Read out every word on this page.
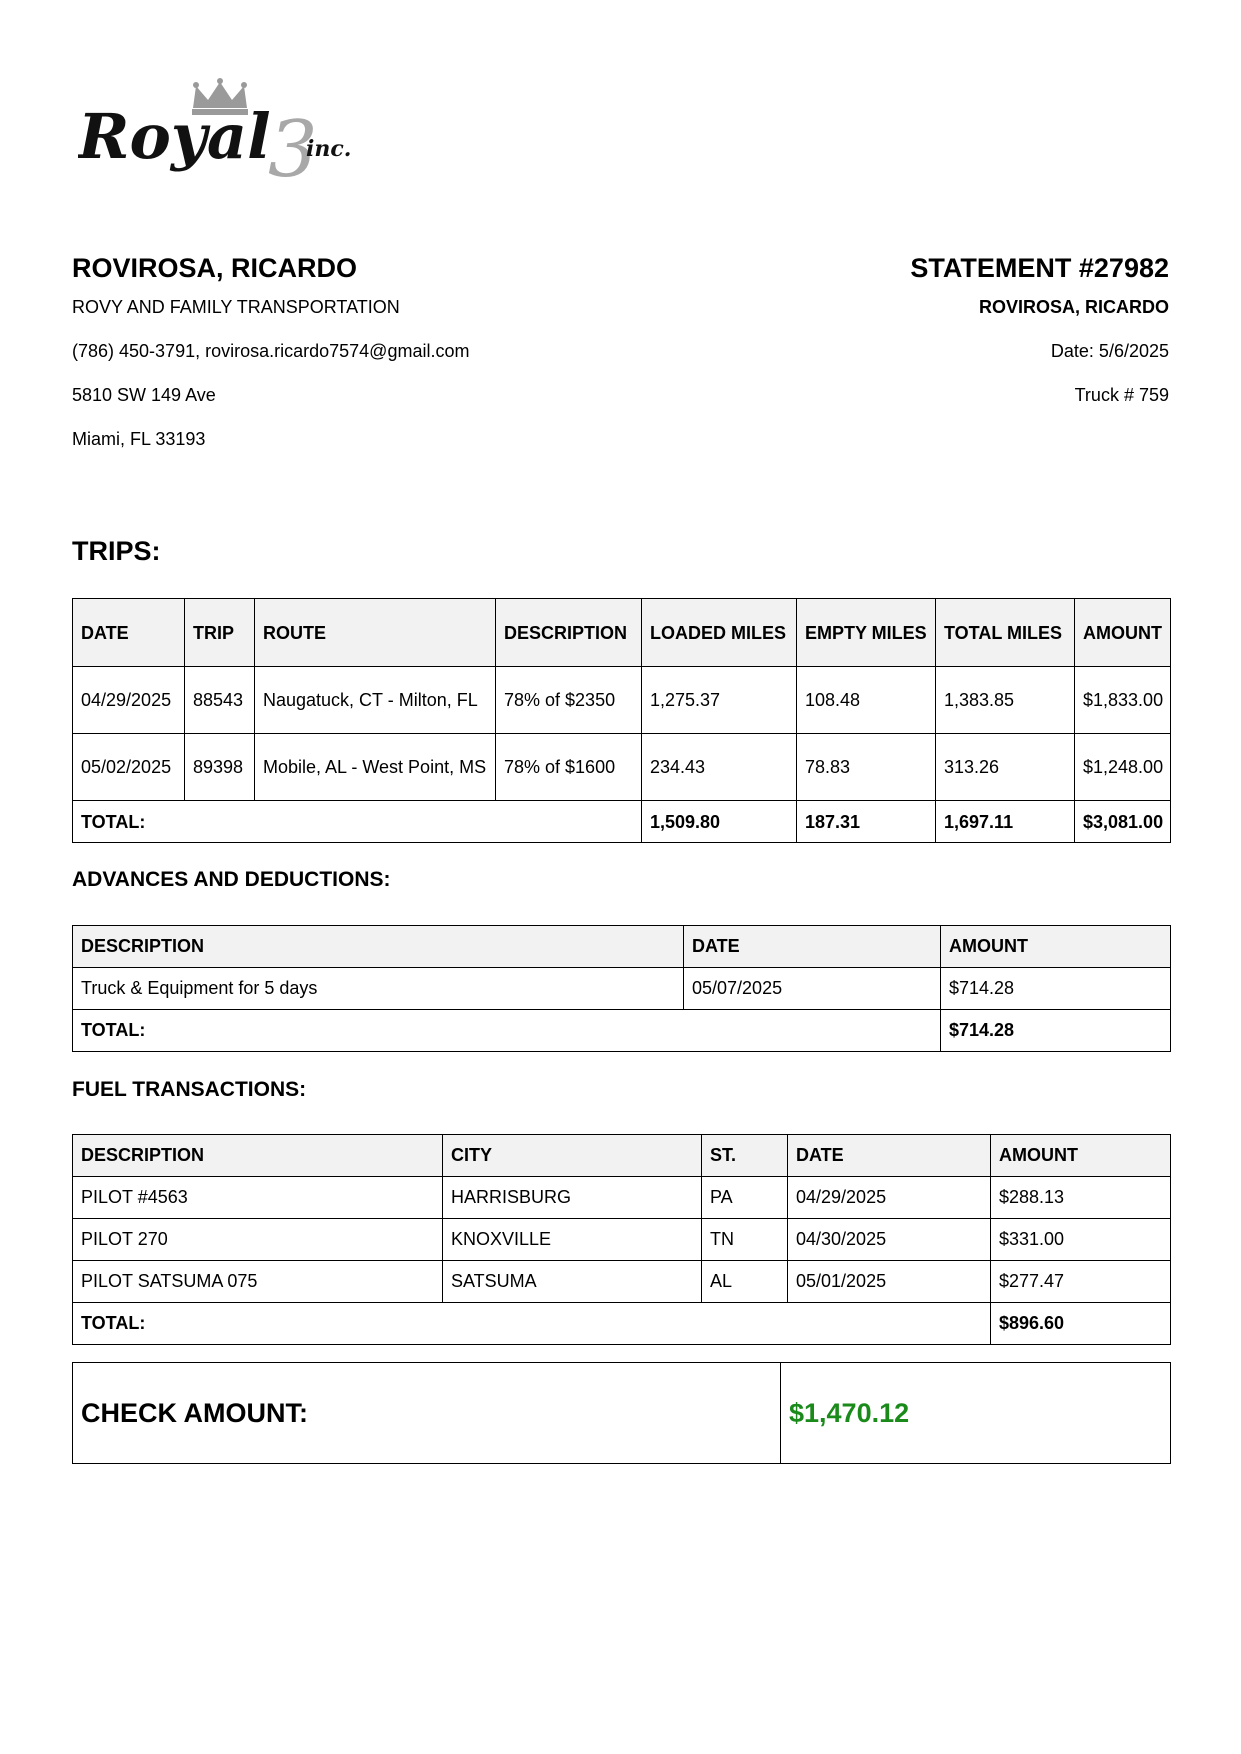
3
Royal inc.
ROVIROSA, RICARDO
ROVY AND FAMILY TRANSPORTATION
(786) 450-3791, rovirosa.ricardo7574@gmail.com
5810 SW 149 Ave
Miami, FL 33193
STATEMENT #27982
ROVIROSA, RICARDO
Date: 5/6/2025
Truck # 759
TRIPS:
DATE	TRIP	ROUTE	DESCRIPTION	LOADED MILES	EMPTY MILES	TOTAL MILES	AMOUNT
04/29/2025	88543	Naugatuck, CT - Milton, FL	78% of $2350	1,275.37	108.48	1,383.85	$1,833.00
05/02/2025	89398	Mobile, AL - West Point, MS	78% of $1600	234.43	78.83	313.26	$1,248.00
TOTAL:				1,509.80	187.31	1,697.11	$3,081.00
ADVANCES AND DEDUCTIONS:
DESCRIPTION	DATE	AMOUNT
Truck & Equipment for 5 days	05/07/2025	$714.28
TOTAL:		$714.28
FUEL TRANSACTIONS:
DESCRIPTION	CITY	ST.	DATE	AMOUNT
PILOT #4563	HARRISBURG	PA	04/29/2025	$288.13
PILOT 270	KNOXVILLE	TN	04/30/2025	$331.00
PILOT SATSUMA 075	SATSUMA	AL	05/01/2025	$277.47
TOTAL:				$896.60
CHECK AMOUNT:	$1,470.12
